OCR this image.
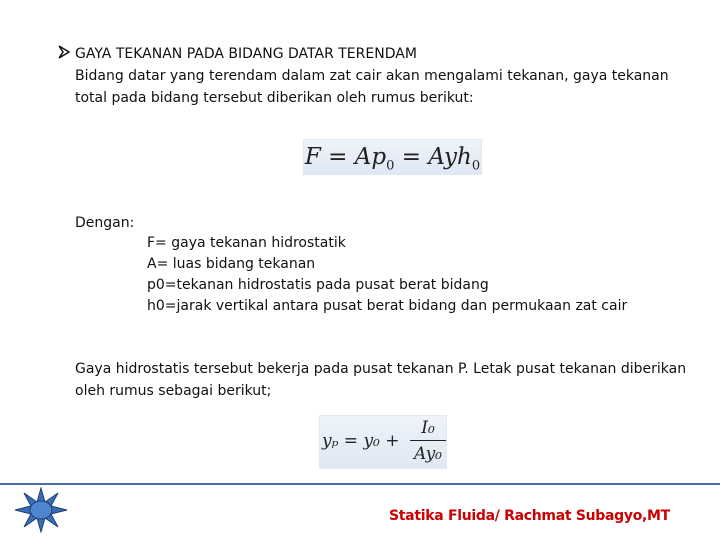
GAYA TEKANAN PADA BIDANG DATAR TERENDAM

Bidang datar yang terendam dalam zat cair akan mengalami tekanan, gaya tekanan total pada bidang tersebut diberikan oleh rumus berikut:

$F = Ap_0 = Ayh_0$
Dengan:
F= gaya tekanan hidrostatik
A= luas bidang tekanan
p0=tekanan hidrostatis pada pusat berat bidang
h0=jarak vertikal antara pusat berat bidang dan permukaan zat cair

Gaya hidrostatis tersebut bekerja pada pusat tekanan P. Letak pusat tekanan diberikan oleh rumus sebagai berikut;

yₚ = y₀ +
I₀
Ay₀
Statika Fluida/ Rachmat Subagyo,MT
